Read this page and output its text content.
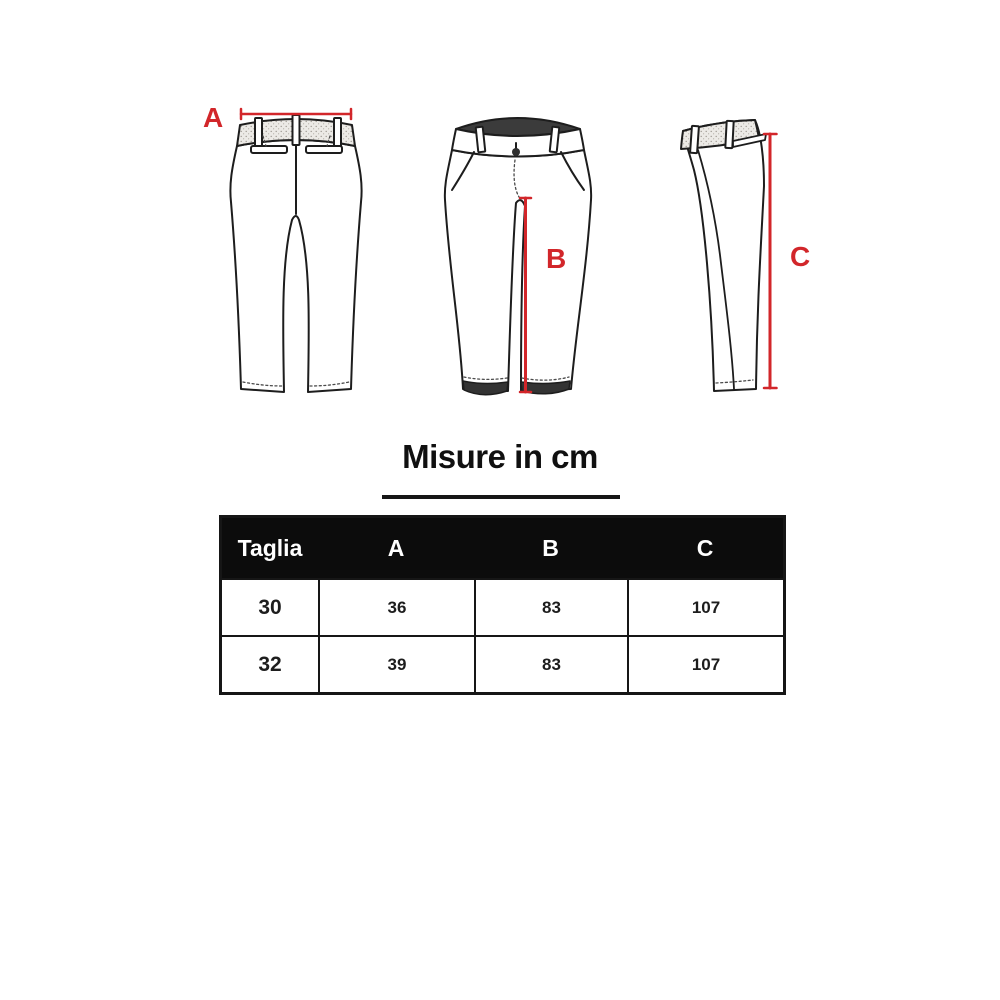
A
B	C
Misure in cm
Taglia	A	B	C
30	36	83	107
32	39	83	107
